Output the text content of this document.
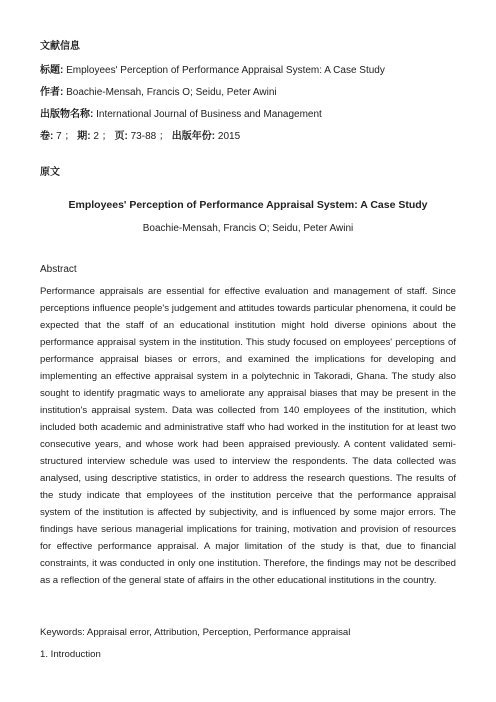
文献信息
标题: Employees' Perception of Performance Appraisal System: A Case Study
作者: Boachie-Mensah, Francis O; Seidu, Peter Awini
出版物名称: International Journal of Business and Management
卷: 7 ； 期: 2 ； 页: 73-88 ； 出版年份: 2015
原文
Employees' Perception of Performance Appraisal System: A Case Study
Boachie-Mensah, Francis O; Seidu, Peter Awini
Abstract

Performance appraisals are essential for effective evaluation and management of staff. Since perceptions influence people's judgement and attitudes towards particular phenomena, it could be expected that the staff of an educational institution might hold diverse opinions about the performance appraisal system in the institution. This study focused on employees' perceptions of performance appraisal biases or errors, and examined the implications for developing and implementing an effective appraisal system in a polytechnic in Takoradi, Ghana. The study also sought to identify pragmatic ways to ameliorate any appraisal biases that may be present in the institution's appraisal system. Data was collected from 140 employees of the institution, which included both academic and administrative staff who had worked in the institution for at least two consecutive years, and whose work had been appraised previously. A content validated semi-structured interview schedule was used to interview the respondents. The data collected was analysed, using descriptive statistics, in order to address the research questions. The results of the study indicate that employees of the institution perceive that the performance appraisal system of the institution is affected by subjectivity, and is influenced by some major errors. The findings have serious managerial implications for training, motivation and provision of resources for effective performance appraisal. A major limitation of the study is that, due to financial constraints, it was conducted in only one institution. Therefore, the findings may not be described as a reflection of the general state of affairs in the other educational institutions in the country.

Keywords: Appraisal error, Attribution, Perception, Performance appraisal
1. Introduction
